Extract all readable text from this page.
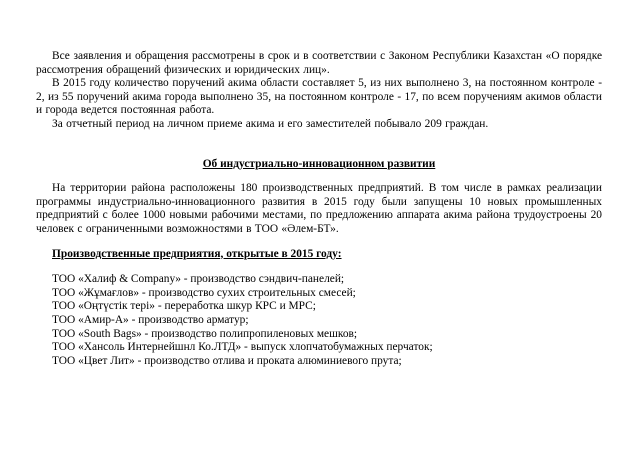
Все заявления и обращения рассмотрены в срок и в соответствии с Законом Республики Казахстан «О порядке рассмотрения обращений физических и юридических лиц».

В 2015 году количество поручений акима области составляет 5, из них выполнено 3, на постоянном контроле - 2, из 55 поручений акима города выполнено 35, на постоянном контроле - 17, по всем поручениям акимов области и города ведется постоянная работа.

За отчетный период на личном приеме акима и его заместителей побывало 209 граждан.

Об индустриально-инновационном развитии

На территории района расположены 180 производственных предприятий. В том числе в рамках реализации программы индустриально-инновационного развития в 2015 году были запущены 10 новых промышленных предприятий с более 1000 новыми рабочими местами, по предложению аппарата акима района трудоустроены 20 человек с ограниченными возможностями в ТОО «Әлем-БТ».

Производственные предприятия, открытые в 2015 году:

ТОО «Халиф & Company» - производство сэндвич-панелей;
ТОО «Жұмағлов» - производство сухих строительных смесей;
ТОО «Оңтүстік тері» - переработка шкур КРС и МРС;
ТОО «Амир-А» - производство арматур;
ТОО «South Bags» - производство полипропиленовых мешков;
ТОО «Хансоль Интернейшнл Ко.ЛТД» - выпуск хлопчатобумажных перчаток;
ТОО «Цвет Лит» - производство отлива и проката алюминиевого прута;
